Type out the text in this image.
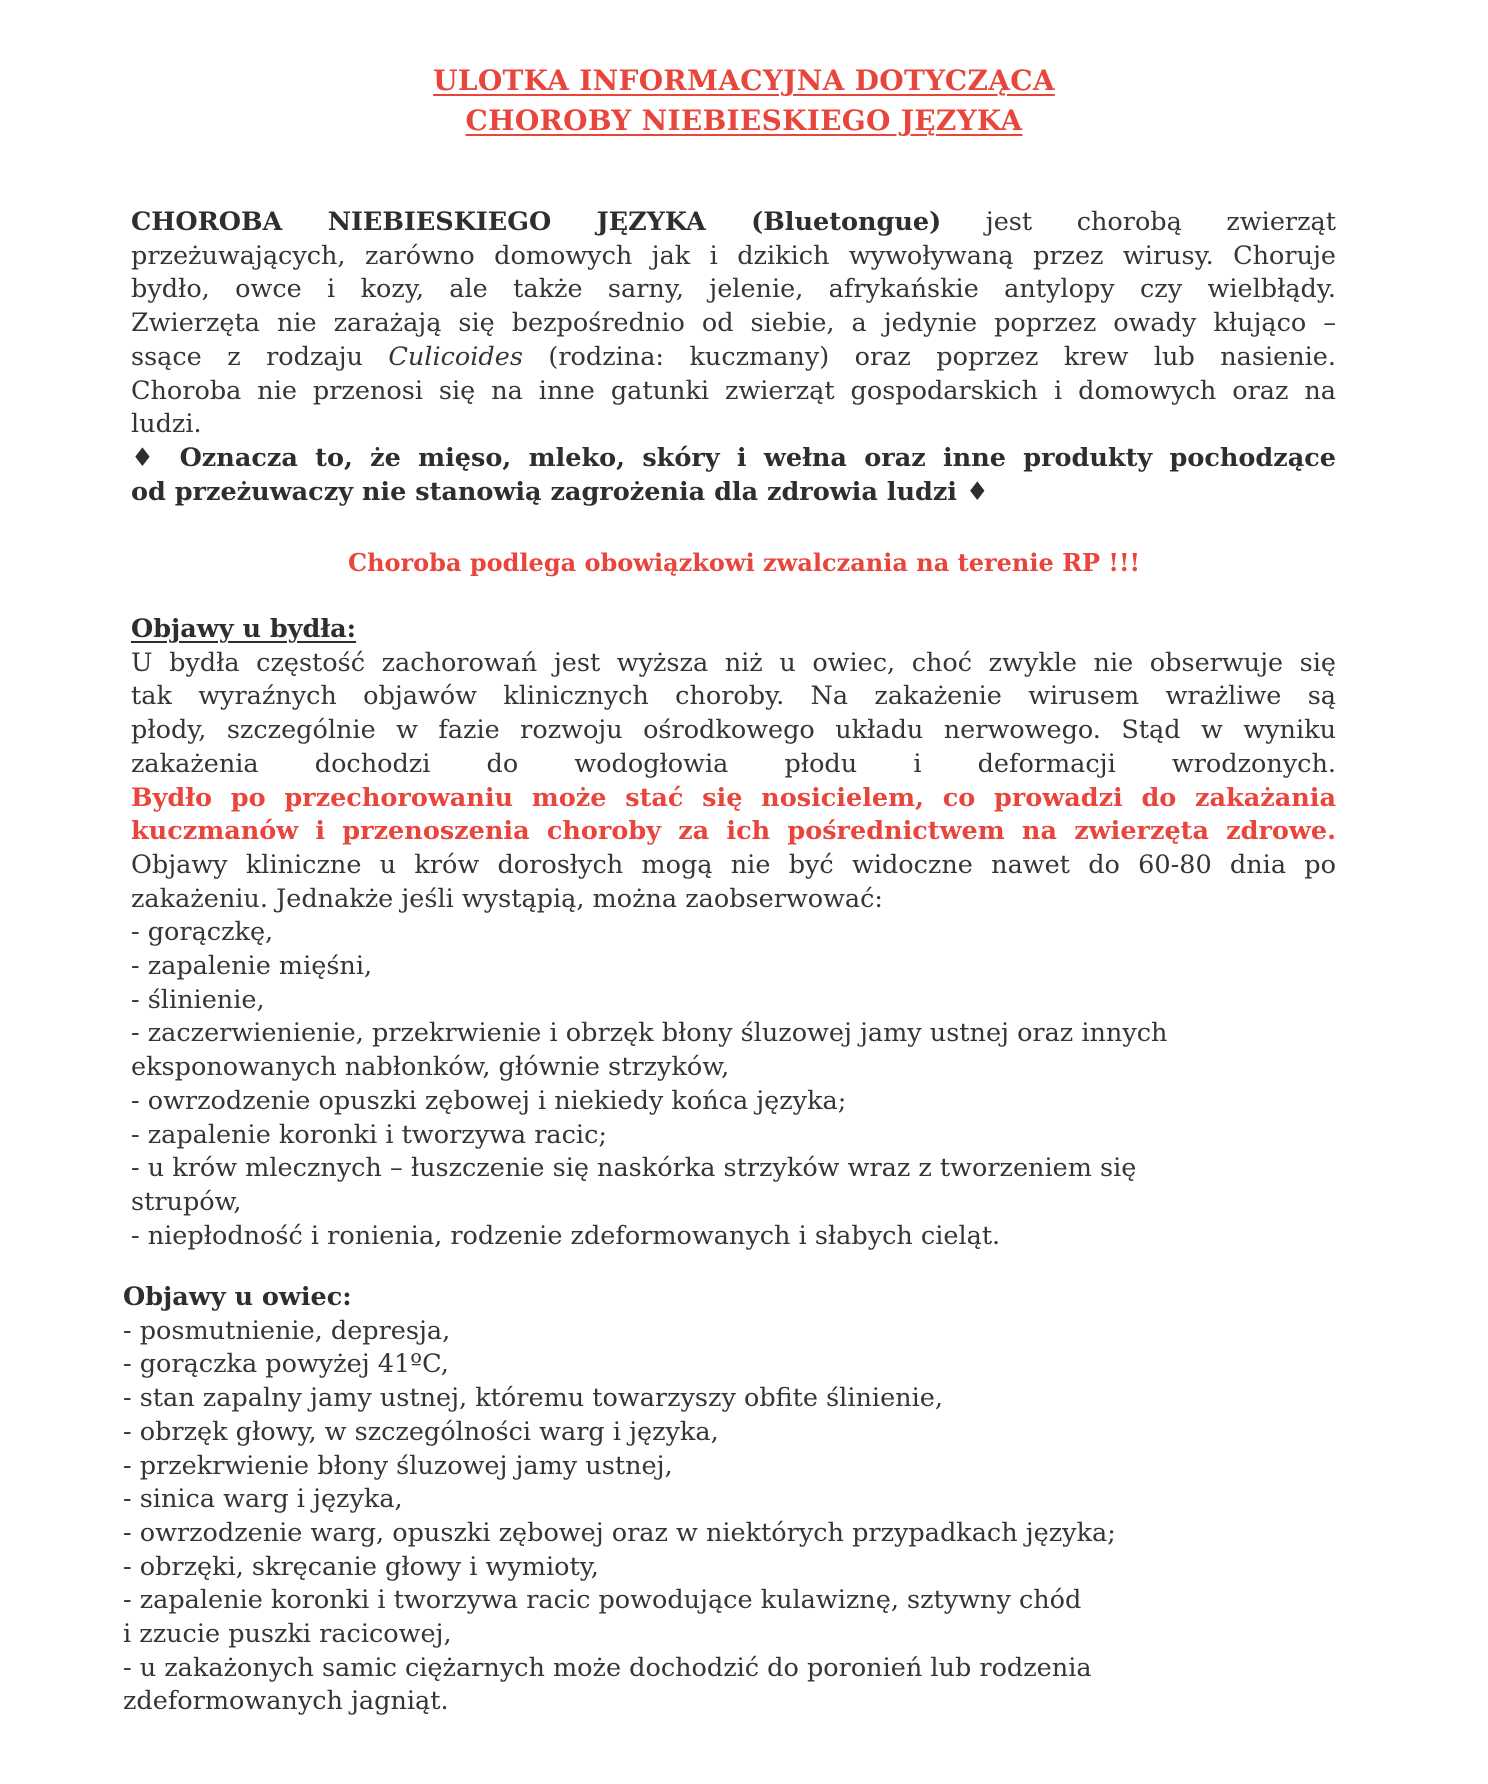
ULOTKA INFORMACYJNA DOTYCZĄCA
CHOROBY NIEBIESKIEGO JĘZYKA
CHOROBA NIEBIESKIEGO JĘZYKA (Bluetongue) jest chorobą zwierząt
przeżuwających, zarówno domowych jak i dzikich wywoływaną przez wirusy. Choruje
bydło, owce i kozy, ale także sarny, jelenie, afrykańskie antylopy czy wielbłądy.
Zwierzęta nie zarażają się bezpośrednio od siebie, a jedynie poprzez owady kłująco –
ssące z rodzaju Culicoides (rodzina: kuczmany) oraz poprzez krew lub nasienie.
Choroba nie przenosi się na inne gatunki zwierząt gospodarskich i domowych oraz na
ludzi.
♦ Oznacza to, że mięso, mleko, skóry i wełna oraz inne produkty pochodzące
od przeżuwaczy nie stanowią zagrożenia dla zdrowia ludzi ♦
Choroba podlega obowiązkowi zwalczania na terenie RP !!!
Objawy u bydła:
U bydła częstość zachorowań jest wyższa niż u owiec, choć zwykle nie obserwuje się
tak wyraźnych objawów klinicznych choroby. Na zakażenie wirusem wrażliwe są
płody, szczególnie w fazie rozwoju ośrodkowego układu nerwowego. Stąd w wyniku
zakażenia dochodzi do wodogłowia płodu i deformacji wrodzonych.
Bydło po przechorowaniu może stać się nosicielem, co prowadzi do zakażania
kuczmanów i przenoszenia choroby za ich pośrednictwem na zwierzęta zdrowe.
Objawy kliniczne u krów dorosłych mogą nie być widoczne nawet do 60-80 dnia po
zakażeniu. Jednakże jeśli wystąpią, można zaobserwować:
- gorączkę,
- zapalenie mięśni,
- ślinienie,
- zaczerwienienie, przekrwienie i obrzęk błony śluzowej jamy ustnej oraz innych
eksponowanych nabłonków, głównie strzyków,
- owrzodzenie opuszki zębowej i niekiedy końca języka;
- zapalenie koronki i tworzywa racic;
- u krów mlecznych – łuszczenie się naskórka strzyków wraz z tworzeniem się
strupów,
- niepłodność i ronienia, rodzenie zdeformowanych i słabych cieląt.
Objawy u owiec:
- posmutnienie, depresja,
- gorączka powyżej 41ºC,
- stan zapalny jamy ustnej, któremu towarzyszy obfite ślinienie,
- obrzęk głowy, w szczególności warg i języka,
- przekrwienie błony śluzowej jamy ustnej,
- sinica warg i języka,
- owrzodzenie warg, opuszki zębowej oraz w niektórych przypadkach języka;
- obrzęki, skręcanie głowy i wymioty,
- zapalenie koronki i tworzywa racic powodujące kulawiznę, sztywny chód
i zzucie puszki racicowej,
- u zakażonych samic ciężarnych może dochodzić do poronień lub rodzenia
zdeformowanych jagniąt.
